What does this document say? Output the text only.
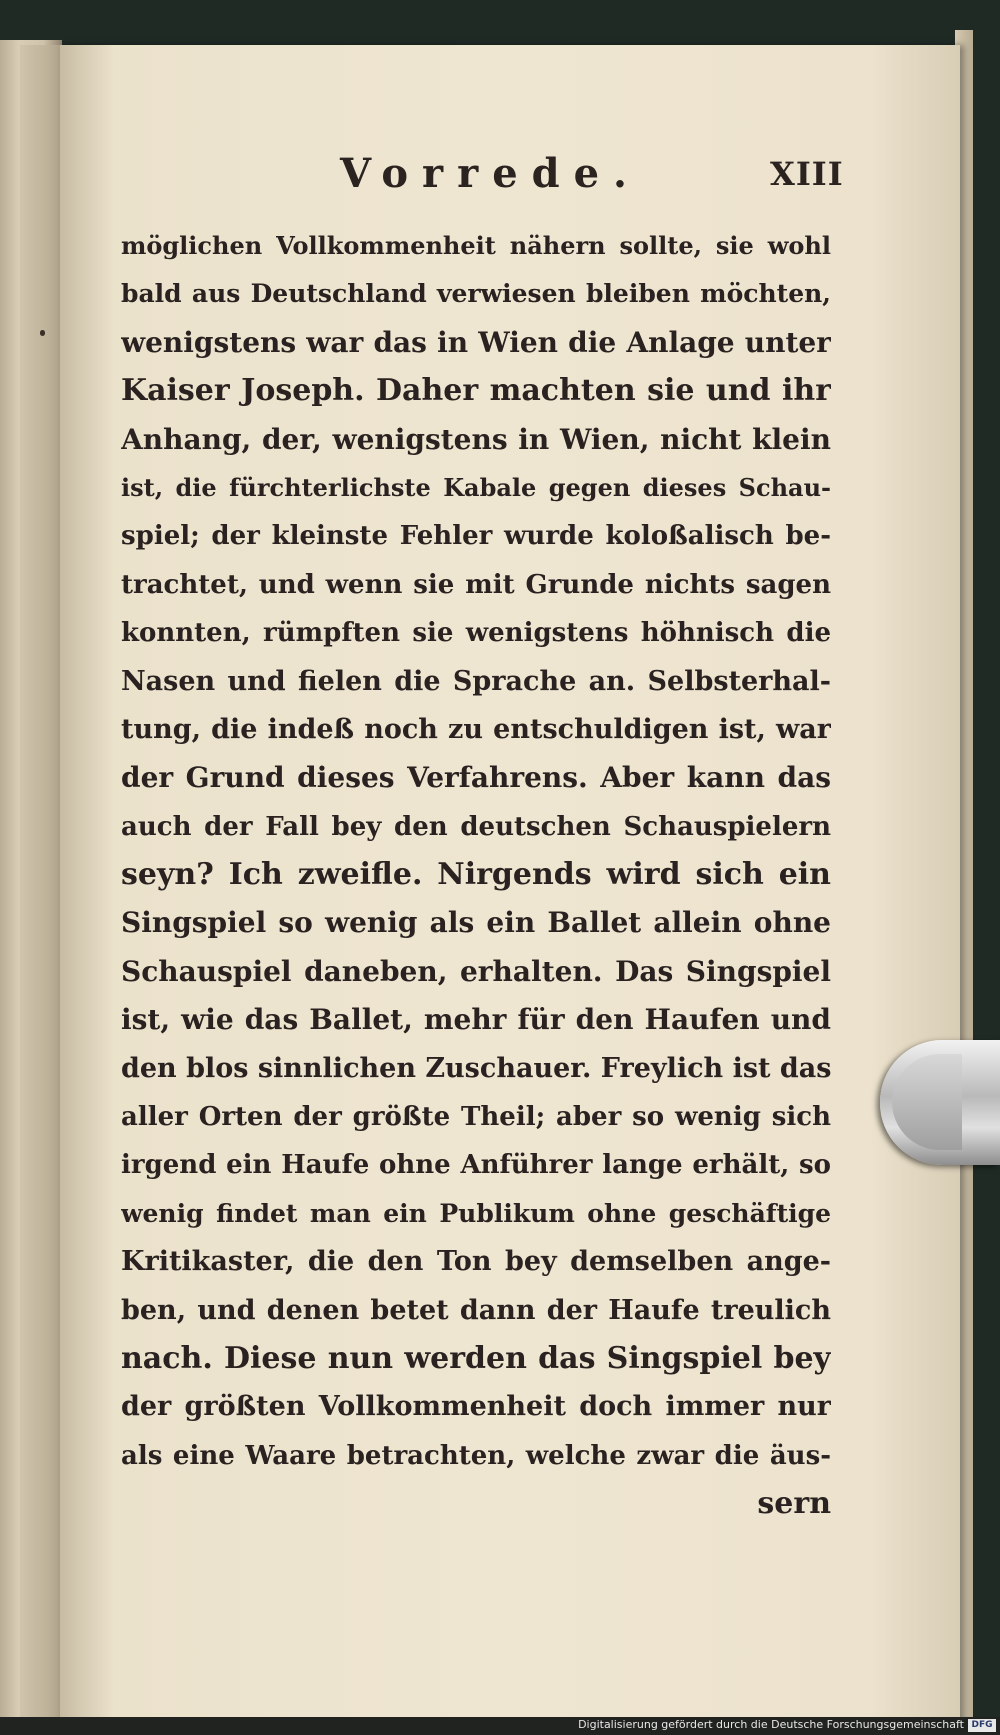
Vorrede.	XIII
möglichen Vollkommenheit nähern sollte, sie wohl
bald aus Deutschland verwiesen bleiben möchten,
wenigstens war das in Wien die Anlage unter
Kaiser Joseph. Daher machten sie und ihr
Anhang, der, wenigstens in Wien, nicht klein
ist, die fürchterlichste Kabale gegen dieses Schau-
spiel; der kleinste Fehler wurde koloßalisch be-
trachtet, und wenn sie mit Grunde nichts sagen
konnten, rümpften sie wenigstens höhnisch die
Nasen und fielen die Sprache an. Selbsterhal-
tung, die indeß noch zu entschuldigen ist, war
der Grund dieses Verfahrens. Aber kann das
auch der Fall bey den deutschen Schauspielern
seyn? Ich zweifle. Nirgends wird sich ein
Singspiel so wenig als ein Ballet allein ohne
Schauspiel daneben, erhalten. Das Singspiel
ist, wie das Ballet, mehr für den Haufen und
den blos sinnlichen Zuschauer. Freylich ist das
aller Orten der größte Theil; aber so wenig sich
irgend ein Haufe ohne Anführer lange erhält, so
wenig findet man ein Publikum ohne geschäftige
Kritikaster, die den Ton bey demselben ange-
ben, und denen betet dann der Haufe treulich
nach. Diese nun werden das Singspiel bey
der größten Vollkommenheit doch immer nur
als eine Waare betrachten, welche zwar die äus-
sern
Digitalisierung gefördert durch die Deutsche Forschungsgemeinschaft DFG
